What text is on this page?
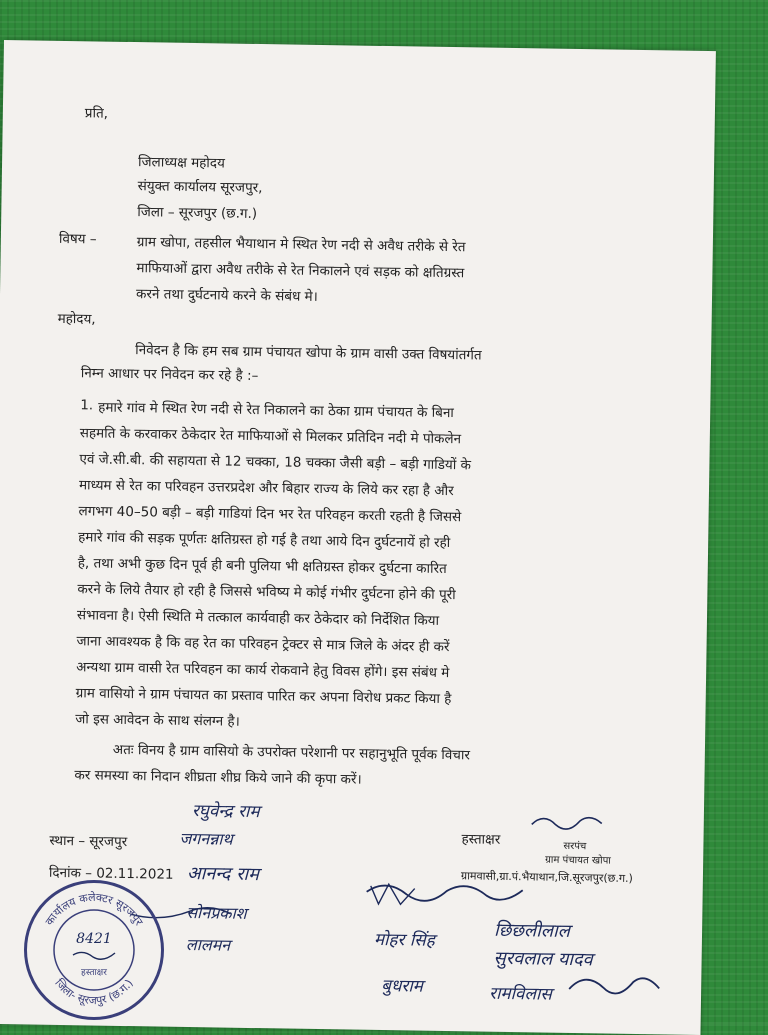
प्रति,
जिलाध्यक्ष महोदय
संयुक्त कार्यालय सूरजपुर,
जिला – सूरजपुर (छ.ग.)
विषय –	ग्राम खोपा, तहसील भैयाथान मे स्थित रेण नदी से अवैध तरीके से रेत
माफियाओं द्वारा अवैध तरीके से रेत निकालने एवं सड़क को क्षतिग्रस्त
करने तथा दुर्घटनाये करने के संबंध मे।
महोदय,
निवेदन है कि हम सब ग्राम पंचायत खोपा के ग्राम वासी उक्त विषयांतर्गत
निम्न आधार पर निवेदन कर रहे है :–
1. हमारे गांव मे स्थित रेण नदी से रेत निकालने का ठेका ग्राम पंचायत के बिना
सहमति के करवाकर ठेकेदार रेत माफियाओं से मिलकर प्रतिदिन नदी मे पोकलेन
एवं जे.सी.बी. की सहायता से 12 चक्का, 18 चक्का जैसी बड़ी – बड़ी गाडियों के
माध्यम से रेत का परिवहन उत्तरप्रदेश और बिहार राज्य के लिये कर रहा है और
लगभग 40–50 बड़ी – बड़ी गाडियां दिन भर रेत परिवहन करती रहती है जिससे
हमारे गांव की सड़क पूर्णतः क्षतिग्रस्त हो गई है तथा आये दिन दुर्घटनायें हो रही
है, तथा अभी कुछ दिन पूर्व ही बनी पुलिया भी क्षतिग्रस्त होकर दुर्घटना कारित
करने के लिये तैयार हो रही है जिससे भविष्य मे कोई गंभीर दुर्घटना होने की पूरी
संभावना है। ऐसी स्थिति मे तत्काल कार्यवाही कर ठेकेदार को निर्देशित किया
जाना आवश्यक है कि वह रेत का परिवहन ट्रेक्टर से मात्र जिले के अंदर ही करें
अन्यथा ग्राम वासी रेत परिवहन का कार्य रोकवाने हेतु विवस होंगे। इस संबंध मे
ग्राम वासियो ने ग्राम पंचायत का प्रस्ताव पारित कर अपना विरोध प्रकट किया है
जो इस आवेदन के साथ संलग्न है।
अतः विनय है ग्राम वासियो के उपरोक्त परेशानी पर सहानुभूति पूर्वक विचार
कर समस्या का निदान शीघ्रता शीघ्र किये जाने की कृपा करें।
स्थान – सूरजपुर
दिनांक – 02.11.2021
हस्ताक्षर	सरपंच
ग्राम पंचायत खोपा
ग्रामवासी,ग्रा.पं.भैयाथान,जि.सूरजपुर(छ.ग.)
रघुवेन्द्र राम
जगनन्नाथ
आनन्द राम
सोनप्रकाश
लालमन	मोहर सिंह	छिछलीलाल
सुरवलाल यादव
बुधराम	रामविलास
कार्यालय कलेक्टर सूरजपुर
जिला- सूरजपुर (छ.ग.)
8421
हस्ताक्षर
